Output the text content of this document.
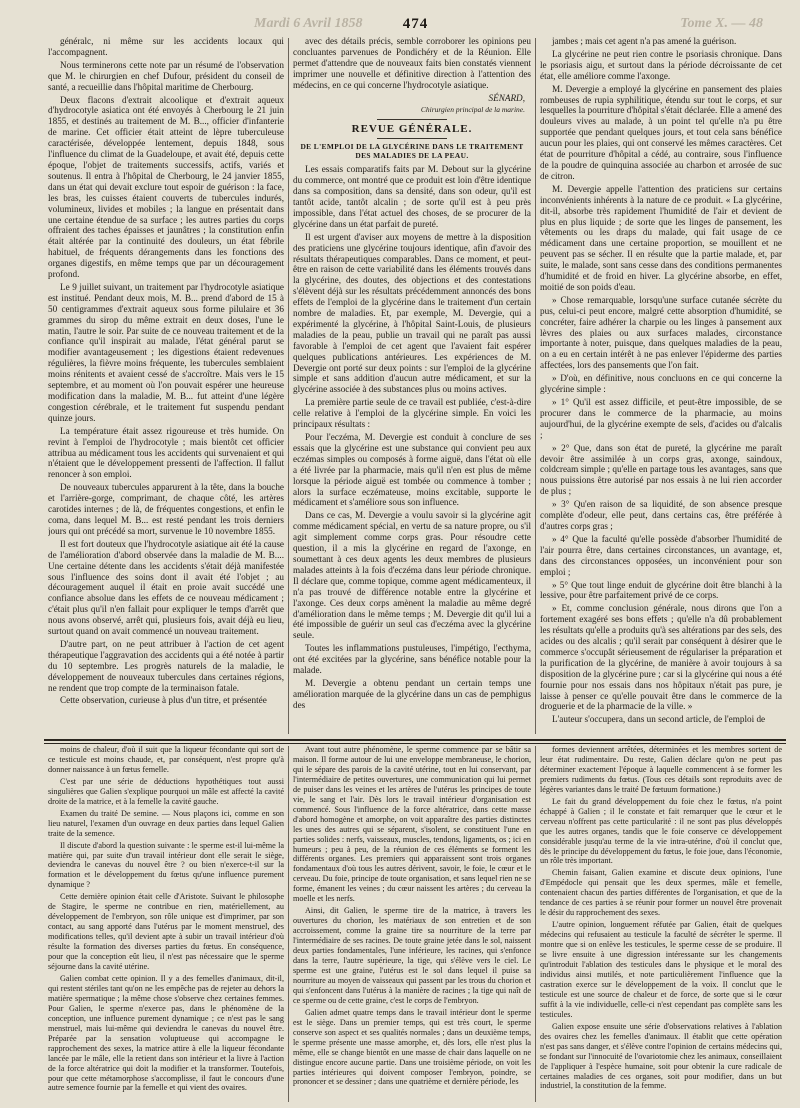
Mardi 6 Avril 1858	474	Tome X. — 48

généralc, ni même sur les accidents locaux qui l'accompagnent.

Nous terminerons cette note par un résumé de l'observation que M. le chirurgien en chef Dufour, président du conseil de santé, a recueillie dans l'hôpital maritime de Cherbourg.

Deux flacons d'extrait alcoolique et d'extrait aqueux d'hydrocotyle asiatica ont été envoyés à Cherbourg le 21 juin 1855, et destinés au traitement de M. B..., officier d'infanterie de marine. Cet officier était atteint de lèpre tuberculeuse caractérisée, développée lentement, depuis 1848, sous l'influence du climat de la Guadeloupe, et avait été, depuis cette époque, l'objet de traitements successifs, actifs, variés et soutenus. Il entra à l'hôpital de Cherbourg, le 24 janvier 1855, dans un état qui devait exclure tout espoir de guérison : la face, les bras, les cuisses étaient couverts de tubercules indurés, volumineux, livides et mobiles ; la langue en présentait dans une certaine étendue de sa surface ; les autres parties du corps offraient des taches épaisses et jaunâtres ; la constitution enfin était altérée par la continuité des douleurs, un état fébrile habituel, de fréquents dérangements dans les fonctions des organes digestifs, en même temps que par un découragement profond.

Le 9 juillet suivant, un traitement par l'hydrocotyle asiatique est institué. Pendant deux mois, M. B... prend d'abord de 15 à 50 centigrammes d'extrait aqueux sous forme pilulaire et 36 grammes du sirop du même extrait en deux doses, l'une le matin, l'autre le soir. Par suite de ce nouveau traitement et de la confiance qu'il inspirait au malade, l'état général parut se modifier avantageusement ; les digestions étaient redevenues régulières, la fièvre moins fréquente, les tubercules semblaient moins rénitents et avaient cessé de s'accroître. Mais vers le 15 septembre, et au moment où l'on pouvait espérer une heureuse modification dans la maladie, M. B... fut atteint d'une légère congestion cérébrale, et le traitement fut suspendu pendant quinze jours.

La température était assez rigoureuse et très humide. On revint à l'emploi de l'hydrocotyle ; mais bientôt cet officier attribua au médicament tous les accidents qui survenaient et qui n'étaient que le développement pressenti de l'affection. Il fallut renoncer à son emploi.

De nouveaux tubercules apparurent à la tête, dans la bouche et l'arrière-gorge, comprimant, de chaque côté, les artères carotides internes ; de là, de fréquentes congestions, et enfin le coma, dans lequel M. B... est resté pendant les trois derniers jours qui ont précédé sa mort, survenue le 10 novembre 1855.

Il est fort douteux que l'hydrocotyle asiatique ait été la cause de l'amélioration d'abord observée dans la maladie de M. B.... Une certaine détente dans les accidents s'était déjà manifestée sous l'influence des soins dont il avait été l'objet ; au découragement auquel il était en proie avait succédé une confiance absolue dans les effets de ce nouveau médicament ; c'était plus qu'il n'en fallait pour expliquer le temps d'arrêt que nous avons observé, arrêt qui, plusieurs fois, avait déjà eu lieu, surtout quand on avait commencé un nouveau traitement.

D'autre part, on ne peut attribuer à l'action de cet agent thérapeutique l'aggravation des accidents qui a été notée à partir du 10 septembre. Les progrès naturels de la maladie, le développement de nouveaux tubercules dans certaines régions, ne rendent que trop compte de la terminaison fatale.

Cette observation, curieuse à plus d'un titre, et présentée

avec des détails précis, semble corroborer les opinions peu concluantes parvenues de Pondichéry et de la Réunion. Elle permet d'attendre que de nouveaux faits bien constatés viennent imprimer une nouvelle et définitive direction à l'attention des médecins, en ce qui concerne l'hydrocotyle asiatique.

SÉNARD,

Chirurgien principal de la marine.

REVUE GÉNÉRALE.
DE L'EMPLOI DE LA GLYCÉRINE DANS LE TRAITEMENT DES MALADIES DE LA PEAU.

Les essais comparatifs faits par M. Debout sur la glycérine du commerce, ont montré que ce produit est loin d'être identique dans sa composition, dans sa densité, dans son odeur, qu'il est tantôt acide, tantôt alcalin ; de sorte qu'il est à peu près impossible, dans l'état actuel des choses, de se procurer de la glycérine dans un état parfait de pureté.

Il est urgent d'aviser aux moyens de mettre à la disposition des praticiens une glycérine toujours identique, afin d'avoir des résultats thérapeutiques comparables. Dans ce moment, et peut-être en raison de cette variabilité dans les éléments trouvés dans la glycérine, des doutes, des objections et des contestations s'élèvent déjà sur les résultats précédemment annoncés des bons effets de l'emploi de la glycérine dans le traitement d'un certain nombre de maladies. Et, par exemple, M. Devergie, qui a expérimenté la glycérine, à l'hôpital Saint-Louis, de plusieurs maladies de la peau, publie un travail qui ne paraît pas aussi favorable à l'emploi de cet agent que l'avaient fait espérer quelques publications antérieures. Les expériences de M. Devergie ont porté sur deux points : sur l'emploi de la glycérine simple et sans addition d'aucun autre médicament, et sur la glycérine associée à des substances plus ou moins actives.

La première partie seule de ce travail est publiée, c'est-à-dire celle relative à l'emploi de la glycérine simple. En voici les principaux résultats :

Pour l'eczéma, M. Devergie est conduit à conclure de ses essais que la glycérine est une substance qui convient peu aux eczémas simples ou composés à forme aiguë, dans l'état où elle a été livrée par la pharmacie, mais qu'il n'en est plus de même lorsque la période aiguë est tombée ou commence à tomber ; alors la surface eczémateuse, moins excitable, supporte le médicament et s'améliore sous son influence.

Dans ce cas, M. Devergie a voulu savoir si la glycérine agit comme médicament spécial, en vertu de sa nature propre, ou s'il agit simplement comme corps gras. Pour résoudre cette question, il a mis la glycérine en regard de l'axonge, en soumettant à ces deux agents les deux membres de plusieurs malades atteints à la fois d'eczéma dans leur période chronique. Il déclare que, comme topique, comme agent médicamenteux, il n'a pas trouvé de différence notable entre la glycérine et l'axonge. Ces deux corps amènent la maladie au même degré d'amélioration dans le même temps ; M. Devergie dit qu'il lui a été impossible de guérir un seul cas d'eczéma avec la glycérine seule.

Toutes les inflammations pustuleuses, l'impétigo, l'ecthyma, ont été excitées par la glycérine, sans bénéfice notable pour la malade.

M. Devergie a obtenu pendant un certain temps une amélioration marquée de la glycérine dans un cas de pemphigus des

jambes ; mais cet agent n'a pas amené la guérison.

La glycérine ne peut rien contre le psoriasis chronique. Dans le psoriasis aigu, et surtout dans la période décroissante de cet état, elle améliore comme l'axonge.

M. Devergie a employé la glycérine en pansement des plaies rombeuses de rupia syphilitique, étendu sur tout le corps, et sur lesquelles la pourriture d'hôpital s'était déclarée. Elle a amené des douleurs vives au malade, à un point tel qu'elle n'a pu être supportée que pendant quelques jours, et tout cela sans bénéfice aucun pour les plaies, qui ont conservé les mêmes caractères. Cet état de pourriture d'hôpital a cédé, au contraire, sous l'influence de la poudre de quinquina associée au charbon et arrosée de suc de citron.

M. Devergie appelle l'attention des praticiens sur certains inconvénients inhérents à la nature de ce produit. « La glycérine, dit-il, absorbe très rapidement l'humidité de l'air et devient de plus en plus liquide ; de sorte que les linges de pansement, les vêtements ou les draps du malade, qui fait usage de ce médicament dans une certaine proportion, se mouillent et ne peuvent pas se sécher. Il en résulte que la partie malade, et, par suite, le malade, sont sans cesse dans des conditions permanentes d'humidité et de froid en hiver. La glycérine absorbe, en effet, moitié de son poids d'eau.

» Chose remarquable, lorsqu'une surface cutanée sécrète du pus, celui-ci peut encore, malgré cette absorption d'humidité, se concréter, faire adhérer la charpie ou les linges à pansement aux lèvres des plaies ou aux surfaces malades, circonstance importante à noter, puisque, dans quelques maladies de la peau, on a eu en certain intérêt à ne pas enlever l'épiderme des parties affectées, lors des pansements que l'on fait.

» D'où, en définitive, nous concluons en ce qui concerne la glycérine simple :

» 1° Qu'il est assez difficile, et peut-être impossible, de se procurer dans le commerce de la pharmacie, au moins aujourd'hui, de la glycérine exempte de sels, d'acides ou d'alcalis ;

» 2° Que, dans son état de pureté, la glycérine me paraît devoir être assimilée à un corps gras, axonge, saindoux, coldcream simple ; qu'elle en partage tous les avantages, sans que nous puissions être autorisé par nos essais à ne lui rien accorder de plus ;

» 3° Qu'en raison de sa liquidité, de son absence presque complète d'odeur, elle peut, dans certains cas, être préférée à d'autres corps gras ;

» 4° Que la faculté qu'elle possède d'absorber l'humidité de l'air pourra être, dans certaines circonstances, un avantage, et, dans des circonstances opposées, un inconvénient pour son emploi ;

» 5° Que tout linge enduit de glycérine doit être blanchi à la lessive, pour être parfaitement privé de ce corps.

» Et, comme conclusion générale, nous dirons que l'on a fortement exagéré ses bons effets ; qu'elle n'a dû probablement les résultats qu'elle a produits qu'à ses altérations par des sels, des acides ou des alcalis ; qu'il serait par conséquent à désirer que le commerce s'occupât sérieusement de régulariser la préparation et la purification de la glycérine, de manière à avoir toujours à sa disposition de la glycérine pure ; car si la glycérine qui nous a été fournie pour nos essais dans nos hôpitaux n'était pas pure, je laisse à penser ce qu'elle pouvait être dans le commerce de la droguerie et de la pharmacie de la ville. »

L'auteur s'occupera, dans un second article, de l'emploi de

moins de chaleur, d'où il suit que la liqueur fécondante qui sort de ce testicule est moins chaude, et, par conséquent, n'est propre qu'à donner naissance à un fœtus femelle.

C'est par une série de déductions hypothétiques tout aussi singulières que Galien s'explique pourquoi un mâle est affecté la cavité droite de la matrice, et à la femelle la cavité gauche.

Examen du traité De semine. — Nous plaçons ici, comme en son lieu naturel, l'examen d'un ouvrage en deux parties dans lequel Galien traite de la semence.

Il discute d'abord la question suivante : le sperme est-il lui-même la matière qui, par suite d'un travail intérieur dont elle serait le siège, deviendra le canevas du nouvel être ? ou bien n'exerce-t-il sur la formation et le développement du fœtus qu'une influence purement dynamique ?

Cette dernière opinion était celle d'Aristote. Suivant le philosophe de Stagire, le sperme ne contribue en rien, matériellement, au développement de l'embryon, son rôle unique est d'imprimer, par son contact, au sang apporté dans l'utérus par le moment menstruel, des modifications telles, qu'il devient apte à subir un travail intérieur d'où résulte la formation des diverses parties du fœtus. En conséquence, pour que la conception eût lieu, il n'est pas nécessaire que le sperme séjourne dans la cavité utérine.

Galien combat cette opinion. Il y a des femelles d'animaux, dit-il, qui restent stériles tant qu'on ne les empêche pas de rejeter au dehors la matière spermatique ; la même chose s'observe chez certaines femmes. Pour Galien, le sperme n'exerce pas, dans le phénomène de la conception, une influence purement dynamique ; ce n'est pas le sang menstruel, mais lui-même qui deviendra le canevas du nouvel être. Préparée par la sensation voluptueuse qui accompagne le rapprochement des sexes, la matrice attire à elle la liqueur fécondante lancée par le mâle, elle la retient dans son intérieur et la livre à l'action de la force altératrice qui doit la modifier et la transformer. Toutefois, pour que cette métamorphose s'accomplisse, il faut le concours d'une autre semence fournie par la femelle et qui vient des ovaires.

Avant tout autre phénomène, le sperme commence par se bâtir sa maison. Il forme autour de lui une enveloppe membraneuse, le chorion, qui le sépare des parois de la cavité utérine, tout en lui conservant, par l'intermédiaire de petites ouvertures, une communication qui lui permet de puiser dans les veines et les artères de l'utérus les principes de toute vie, le sang et l'air. Dès lors le travail intérieur d'organisation est commencé. Sous l'influence de la force altératrice, dans cette masse d'abord homogène et amorphe, on voit apparaître des parties distinctes les unes des autres qui se séparent, s'isolent, se constituent l'une en parties solides : nerfs, vaisseaux, muscles, tendons, ligaments, os ; ici en humeurs ; peu à peu, de la réunion de ces éléments se forment les différents organes. Les premiers qui apparaissent sont trois organes fondamentaux d'où tous les autres dérivent, savoir, le foie, le cœur et le cerveau. Du foie, principe de toute organisation, et sans lequel rien ne se forme, émanent les veines ; du cœur naissent les artères ; du cerveau la moelle et les nerfs.

Ainsi, dit Galien, le sperme tire de la matrice, à travers les ouvertures du chorion, les matériaux de son entretien et de son accroissement, comme la graine tire sa nourriture de la terre par l'intermédiaire de ses racines. De toute graine jetée dans le sol, naissent deux parties fondamentales, l'une inférieure, les racines, qui s'enfonce dans la terre, l'autre supérieure, la tige, qui s'élève vers le ciel. Le sperme est une graine, l'utérus est le sol dans lequel il puise sa nourriture au moyen de vaisseaux qui passent par les trous du chorion et qui s'enfoncent dans l'utérus à la manière de racines ; la tige qui naît de ce sperme ou de cette graine, c'est le corps de l'embryon.

Galien admet quatre temps dans le travail intérieur dont le sperme est le siège. Dans un premier temps, qui est très court, le sperme conserve son aspect et ses qualités normales ; dans un deuxième temps, le sperme présente une masse amorphe, et, dès lors, elle n'est plus la même, elle se change bientôt en une masse de chair dans laquelle on ne distingue encore aucune partie. Dans une troisième période, on voit les parties intérieures qui doivent composer l'embryon, poindre, se prononcer et se dessiner ; dans une quatrième et dernière période, les

formes deviennent arrêtées, déterminées et les membres sortent de leur état rudimentaire. Du reste, Galien déclare qu'on ne peut pas déterminer exactement l'époque à laquelle commencent à se former les premiers rudiments du fœtus. (Tous ces détails sont reproduits avec de légères variantes dans le traité De fœtuum formatione.)

Le fait du grand développement du foie chez le fœtus, n'a point échappé à Galien ; il le constate et fait remarquer que le cœur et le cerveau n'offrent pas cette particularité : il ne sont pas plus développés que les autres organes, tandis que le foie conserve ce développement considérable jusqu'au terme de la vie intra-utérine, d'où il conclut que, dès le principe du développement du fœtus, le foie joue, dans l'économie, un rôle très important.

Chemin faisant, Galien examine et discute deux opinions, l'une d'Empédocle qui pensait que les deux spermes, mâle et femelle, contenaient chacun des parties différentes de l'organisation, et que de la tendance de ces parties à se réunir pour former un nouvel être provenait le désir du rapprochement des sexes.

L'autre opinion, longuement réfutée par Galien, était de quelques médecins qui refusaient au testicule la faculté de sécréter le sperme. Il montre que si on enlève les testicules, le sperme cesse de se produire. Il se livre ensuite à une digression intéressante sur les changements qu'introduit l'ablation des testicules dans le physique et le moral des individus ainsi mutilés, et note particulièrement l'influence que la castration exerce sur le développement de la voix. Il conclut que le testicule est une source de chaleur et de force, de sorte que si le cœur suffit à la vie individuelle, celle-ci n'est cependant pas complète sans les testicules.

Galien expose ensuite une série d'observations relatives à l'ablation des ovaires chez les femelles d'animaux. Il établit que cette opération n'est pas sans danger, et s'élève contre l'opinion de certains médecins qui, se fondant sur l'innocuité de l'ovariotomie chez les animaux, conseillaient de l'appliquer à l'espèce humaine, soit pour obtenir la cure radicale de certaines maladies de ces organes, soit pour modifier, dans un but industriel, la constitution de la femme.
